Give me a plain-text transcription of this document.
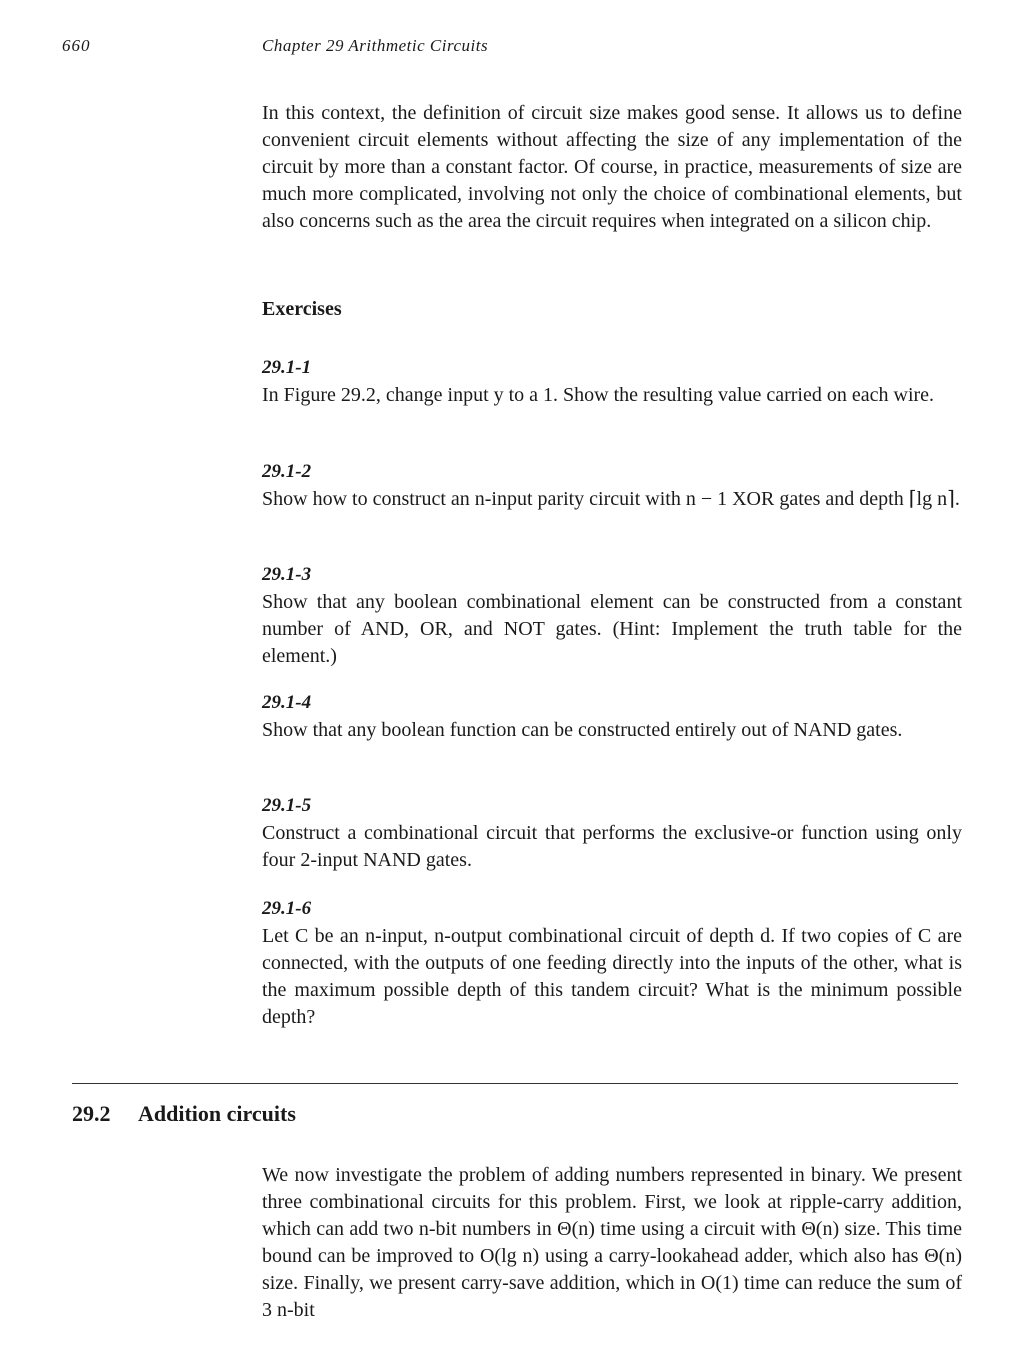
660	Chapter 29 Arithmetic Circuits

In this context, the definition of circuit size makes good sense. It allows us to define convenient circuit elements without affecting the size of any implementation of the circuit by more than a constant factor. Of course, in practice, measurements of size are much more complicated, involving not only the choice of combinational elements, but also concerns such as the area the circuit requires when integrated on a silicon chip.

Exercises
29.1-1
In Figure 29.2, change input y to a 1. Show the resulting value carried on each wire.
29.1-2
Show how to construct an n-input parity circuit with n − 1 XOR gates and depth ⌈lg n⌉.
29.1-3
Show that any boolean combinational element can be constructed from a constant number of AND, OR, and NOT gates. (Hint: Implement the truth table for the element.)
29.1-4
Show that any boolean function can be constructed entirely out of NAND gates.
29.1-5
Construct a combinational circuit that performs the exclusive-or function using only four 2-input NAND gates.
29.1-6
Let C be an n-input, n-output combinational circuit of depth d. If two copies of C are connected, with the outputs of one feeding directly into the inputs of the other, what is the maximum possible depth of this tandem circuit? What is the minimum possible depth?
29.2 Addition circuits

We now investigate the problem of adding numbers represented in binary. We present three combinational circuits for this problem. First, we look at ripple-carry addition, which can add two n-bit numbers in Θ(n) time using a circuit with Θ(n) size. This time bound can be improved to O(lg n) using a carry-lookahead adder, which also has Θ(n) size. Finally, we present carry-save addition, which in O(1) time can reduce the sum of 3 n-bit
